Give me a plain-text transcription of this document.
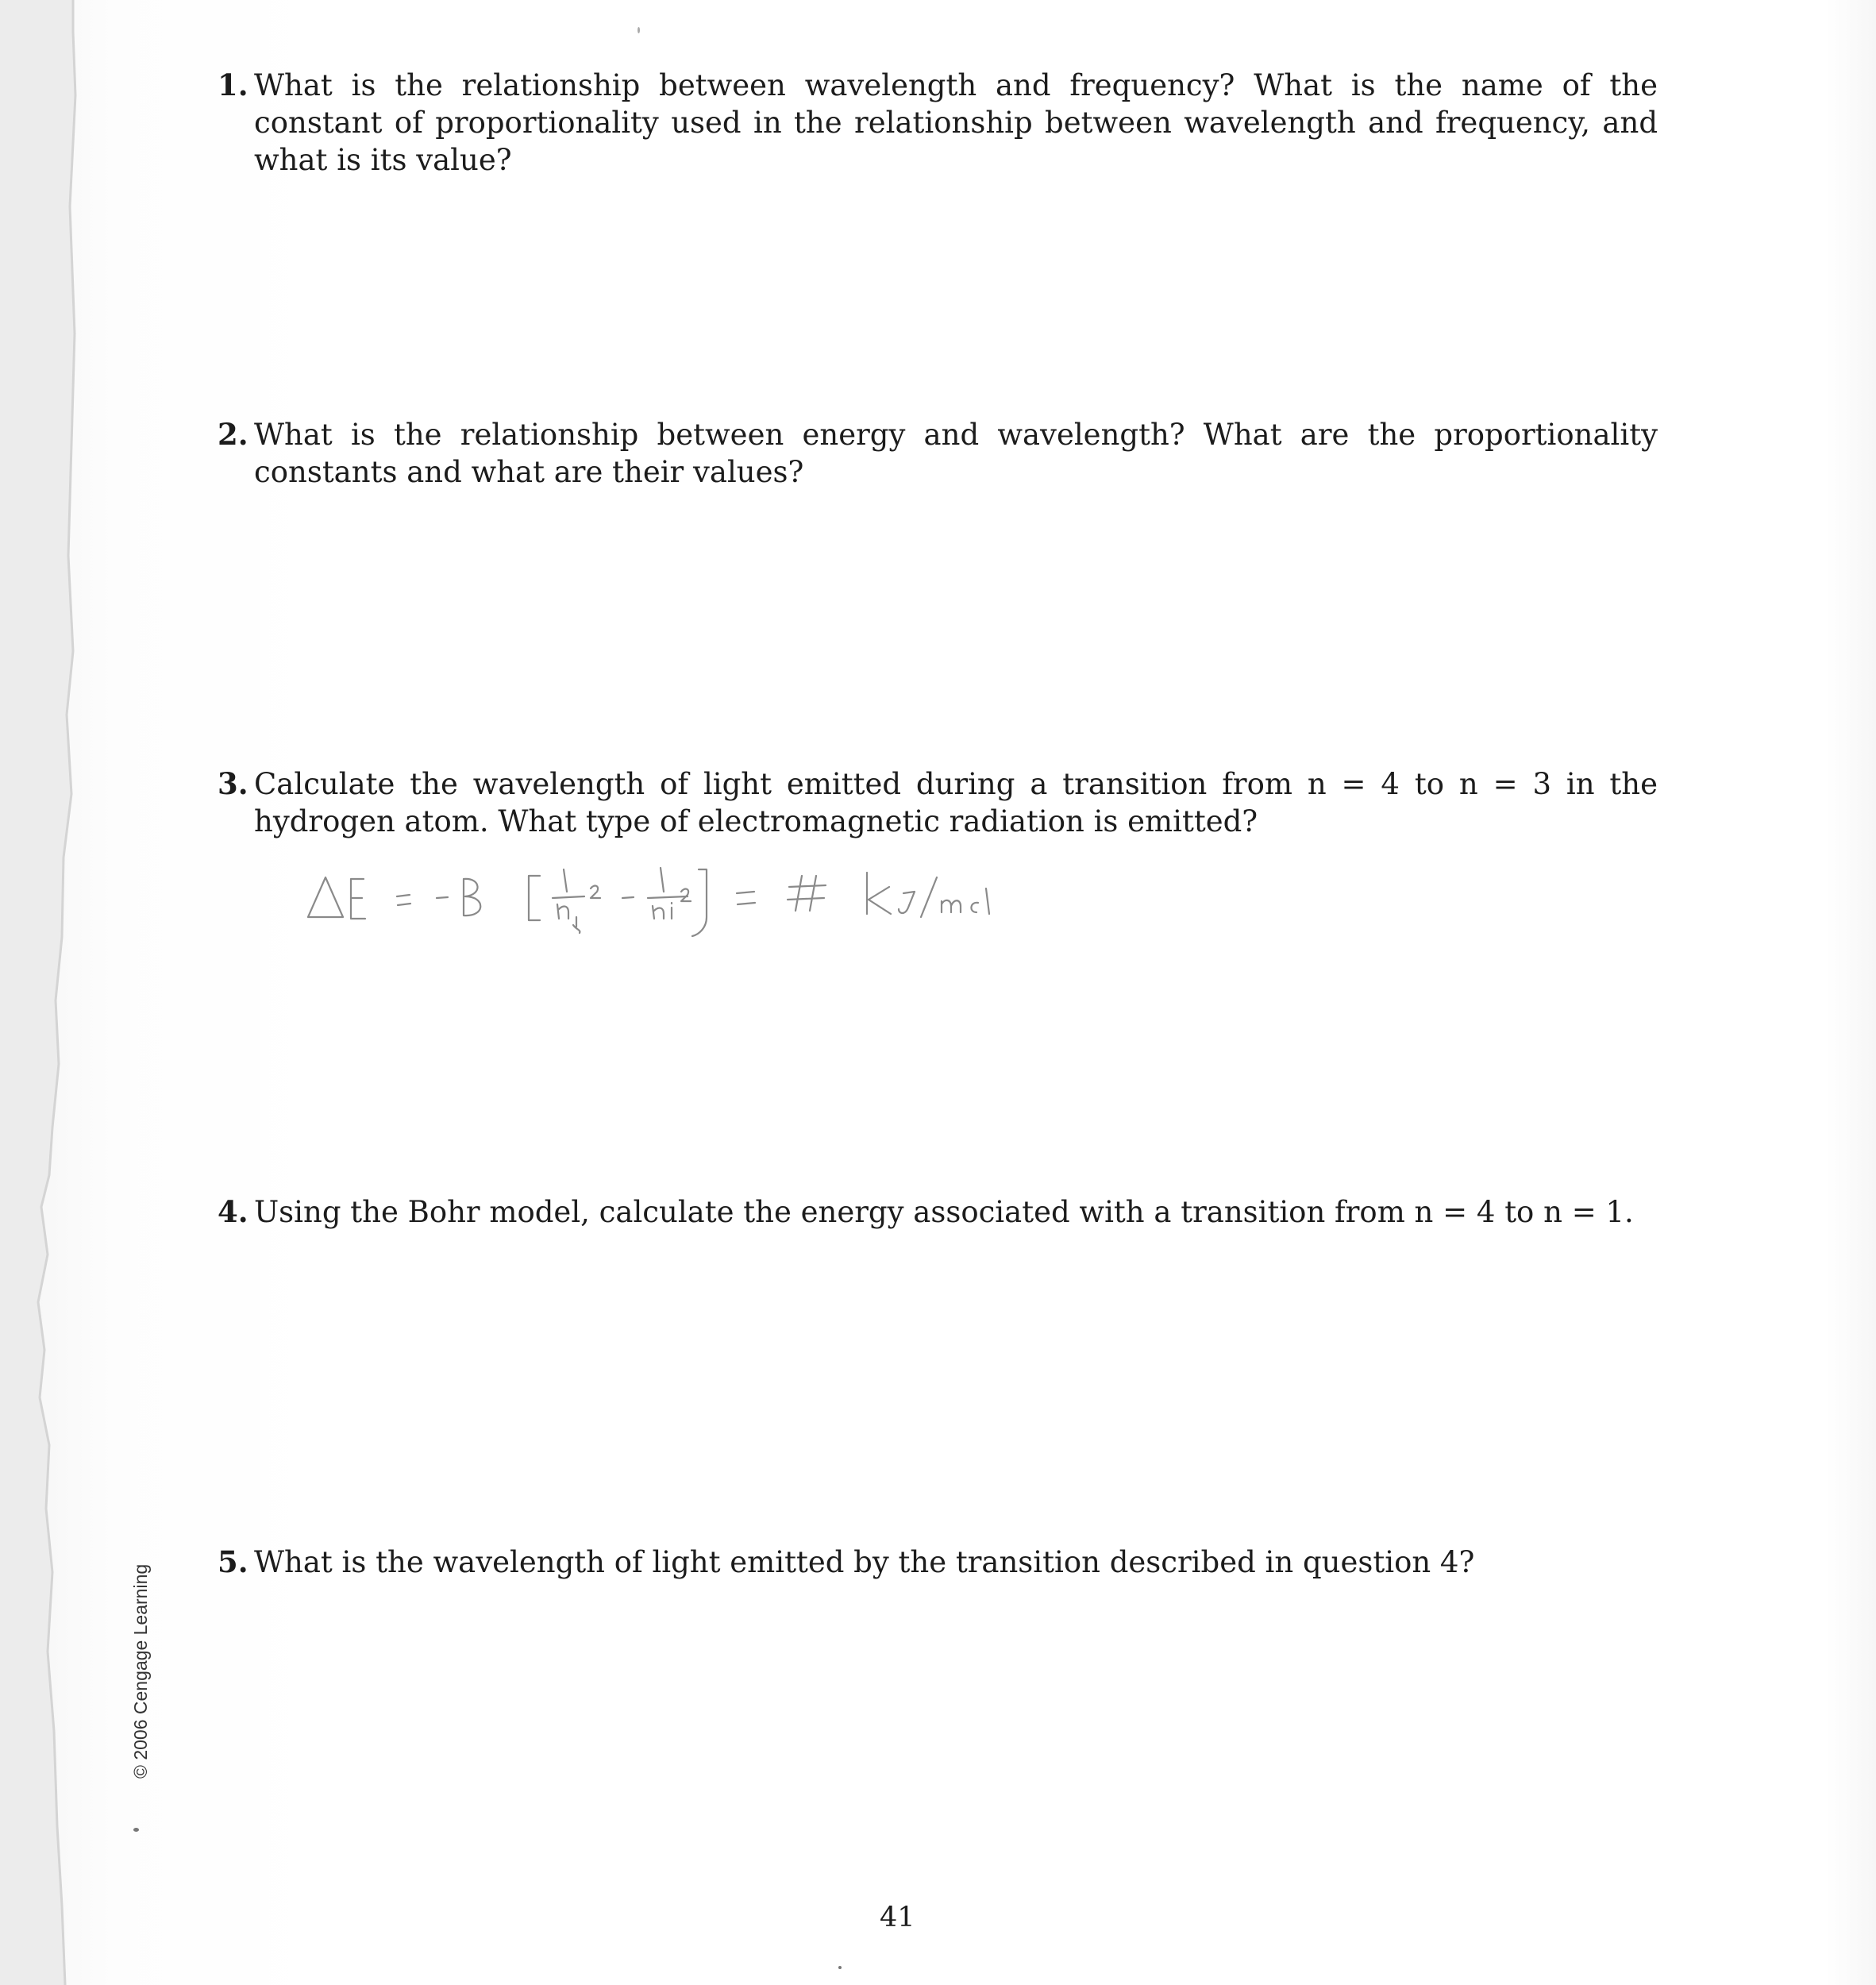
1. What is the relationship between wavelength and frequency? What is the name of the constant of proportionality used in the relationship between wavelength and frequency, and what is its value?
2. What is the relationship between energy and wavelength? What are the proportionality constants and what are their values?
3. Calculate the wavelength of light emitted during a transition from n = 4 to n = 3 in the hydrogen atom. What type of electromagnetic radiation is emitted?
4. Using the Bohr model, calculate the energy associated with a transition from n = 4 to n = 1.
5. What is the wavelength of light emitted by the transition described in question 4?
© 2006 Cengage Learning
41
